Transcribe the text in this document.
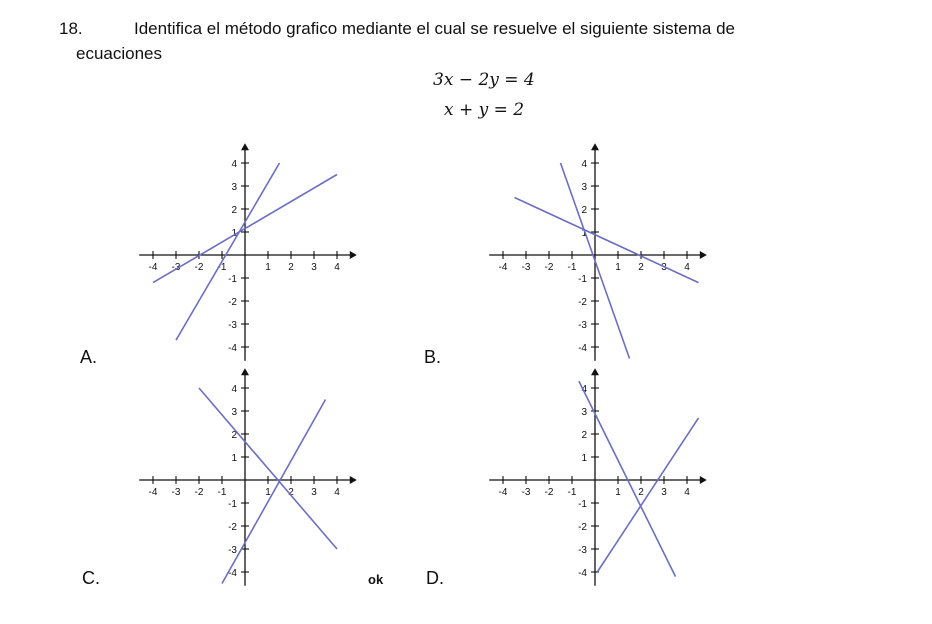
18.	Identifica el método grafico mediante el cual se resuelve el siguiente sistema de
ecuaciones
3x − 2y = 4
x + y = 2
A.	B.
C.	D.
ok
-4 -3 -2 -1	1 2 3 4
-4
-3
-2
-1
1
2
3
4
-4 -3 -2 -1	1 2 3 4
-4
-3
-2
-1
1
2
3
4
-4 -3 -2 -1	1 2 3 4
-4
-3
-2
-1
1
2
3
4
-4 -3 -2 -1	1 2 3 4
-4
-3
-2
-1
1
2
3
4
